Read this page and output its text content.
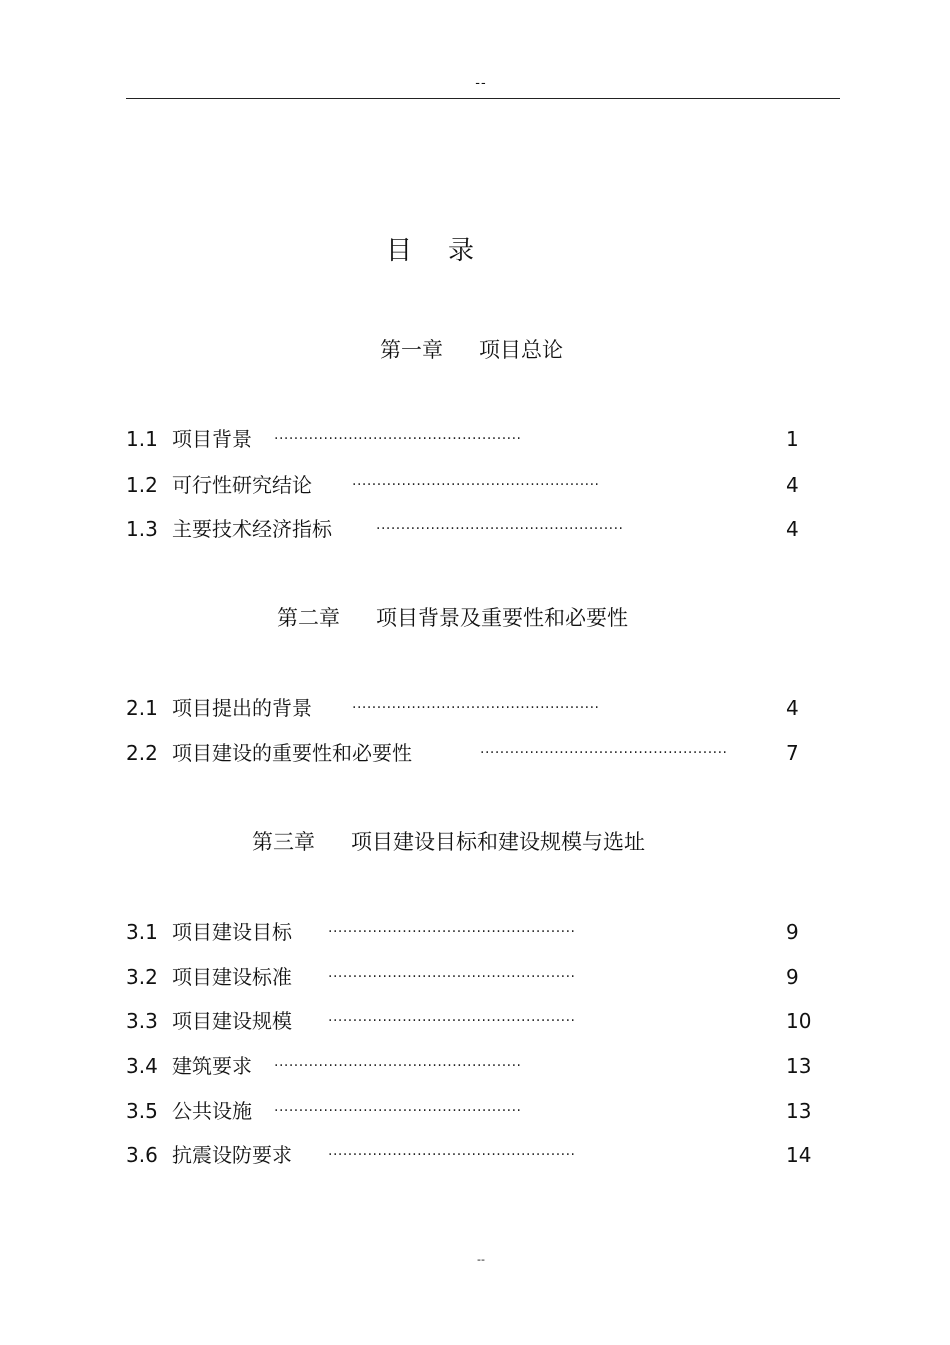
--
目 录
第一章 项目总论
1.1 项目背景 ··················································	1
1.2 可行性研究结论	··················································	4
1.3 主要技术经济指标	··················································	4
第二章 项目背景及重要性和必要性
2.1 项目提出的背景	··················································	4
2.2 项目建设的重要性和必要性	··················································	7
第三章 项目建设目标和建设规模与选址
3.1 项目建设目标	··················································	9
3.2 项目建设标准	··················································	9
3.3 项目建设规模	··················································	10
3.4 建筑要求 ··················································	13
3.5 公共设施 ··················································	13
3.6 抗震设防要求	··················································	14
--
